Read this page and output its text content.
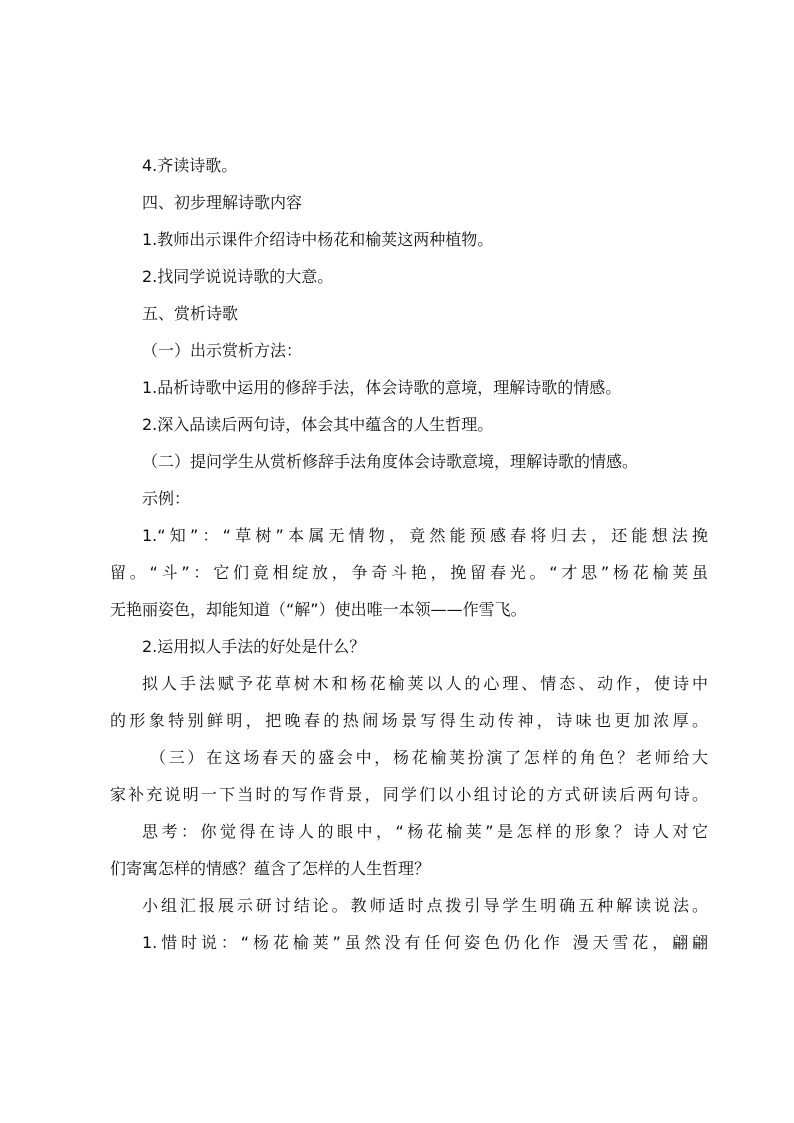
4.齐读诗歌。

四、初步理解诗歌内容

1.教师出示课件介绍诗中杨花和榆荚这两种植物。

2.找同学说说诗歌的大意。

五、赏析诗歌

（一）出示赏析方法：

1.品析诗歌中运用的修辞手法，体会诗歌的意境，理解诗歌的情感。

2.深入品读后两句诗，体会其中蕴含的人生哲理。

（二）提问学生从赏析修辞手法角度体会诗歌意境，理解诗歌的情感。

示例：

1.“知”：“草树”本属无情物，竟然能预感春将归去，还能想法挽

留。“斗”：它们竟相绽放，争奇斗艳，挽留春光。“才思”杨花榆荚虽

无艳丽姿色，却能知道（“解”）使出唯一本领——作雪飞。

2.运用拟人手法的好处是什么？

拟人手法赋予花草树木和杨花榆荚以人的心理、情态、动作，使诗中

的形象特别鲜明，把晚春的热闹场景写得生动传神，诗味也更加浓厚。

（三）在这场春天的盛会中，杨花榆荚扮演了怎样的角色？老师给大

家补充说明一下当时的写作背景，同学们以小组讨论的方式研读后两句诗。

思考：你觉得在诗人的眼中，“杨花榆荚”是怎样的形象？诗人对它

们寄寓怎样的情感？蕴含了怎样的人生哲理？

小组汇报展示研讨结论。教师适时点拨引导学生明确五种解读说法。

1.惜时说：“杨花榆荚”虽然没有任何姿色仍化作 漫天雪花，翩翩
